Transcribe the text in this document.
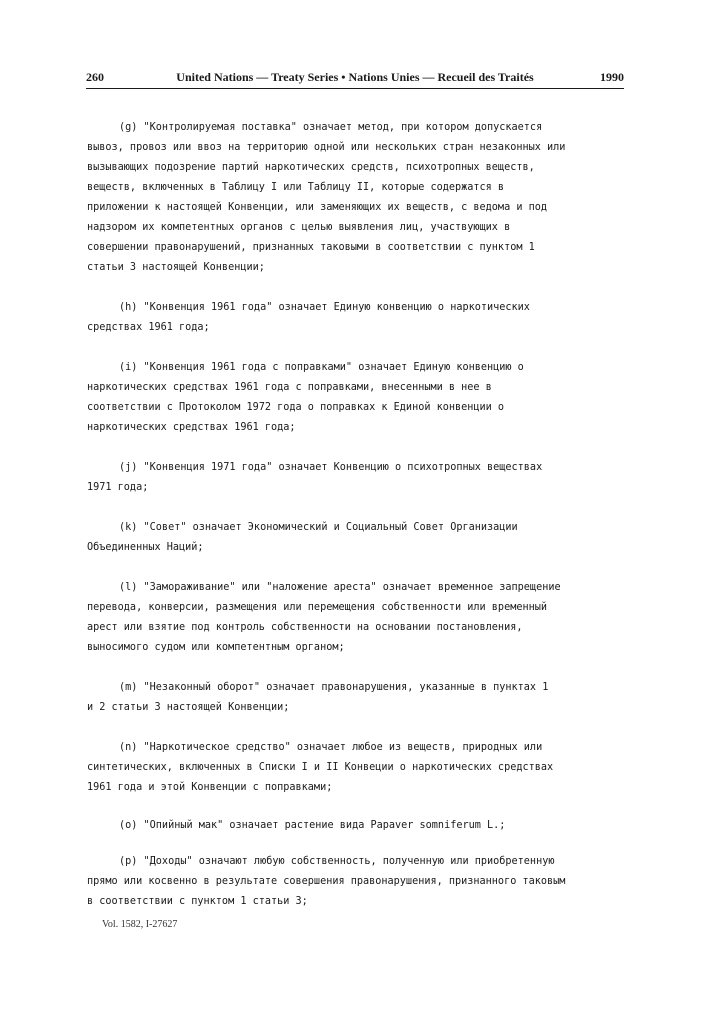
260	United Nations — Treaty Series • Nations Unies — Recueil des Traités	1990
(g) "Контролируемая поставка" означает метод, при котором допускается
вывоз, провоз или ввоз на территорию одной или нескольких стран незаконных или
вызывающих подозрение партий наркотических средств, психотропных веществ,
веществ, включенных в Таблицу I или Таблицу II, которые содержатся в
приложении к настоящей Конвенции, или заменяющих их веществ, с ведома и под
надзором их компетентных органов с целью выявления лиц, участвующих в
совершении правонарушений, признанных таковыми в соответствии с пунктом 1
статьи 3 настоящей Конвенции;
(h) "Конвенция 1961 года" означает Единую конвенцию о наркотических
средствах 1961 года;
(i) "Конвенция 1961 года с поправками" означает Единую конвенцию о
наркотических средствах 1961 года с поправками, внесенными в нее в
соответствии с Протоколом 1972 года о поправках к Единой конвенции о
наркотических средствах 1961 года;
(j) "Конвенция 1971 года" означает Конвенцию о психотропных веществах
1971 года;
(k) "Совет" означает Экономический и Социальный Совет Организации
Объединенных Наций;
(l) "Замораживание" или "наложение ареста" означает временное запрещение
перевода, конверсии, размещения или перемещения собственности или временный
арест или взятие под контроль собственности на основании постановления,
выносимого судом или компетентным органом;
(m) "Незаконный оборот" означает правонарушения, указанные в пунктах 1
и 2 статьи 3 настоящей Конвенции;
(n) "Наркотическое средство" означает любое из веществ, природных или
синтетических, включенных в Списки I и II Конвеции о наркотических средствах
1961 года и этой Конвенции с поправками;
(o) "Опийный мак" означает растение вида Papaver somniferum L.;
(p) "Доходы" означают любую собственность, полученную или приобретенную
прямо или косвенно в результате совершения правонарушения, признанного таковым
в соответствии с пунктом 1 статьи 3;
Vol. 1582, I-27627
